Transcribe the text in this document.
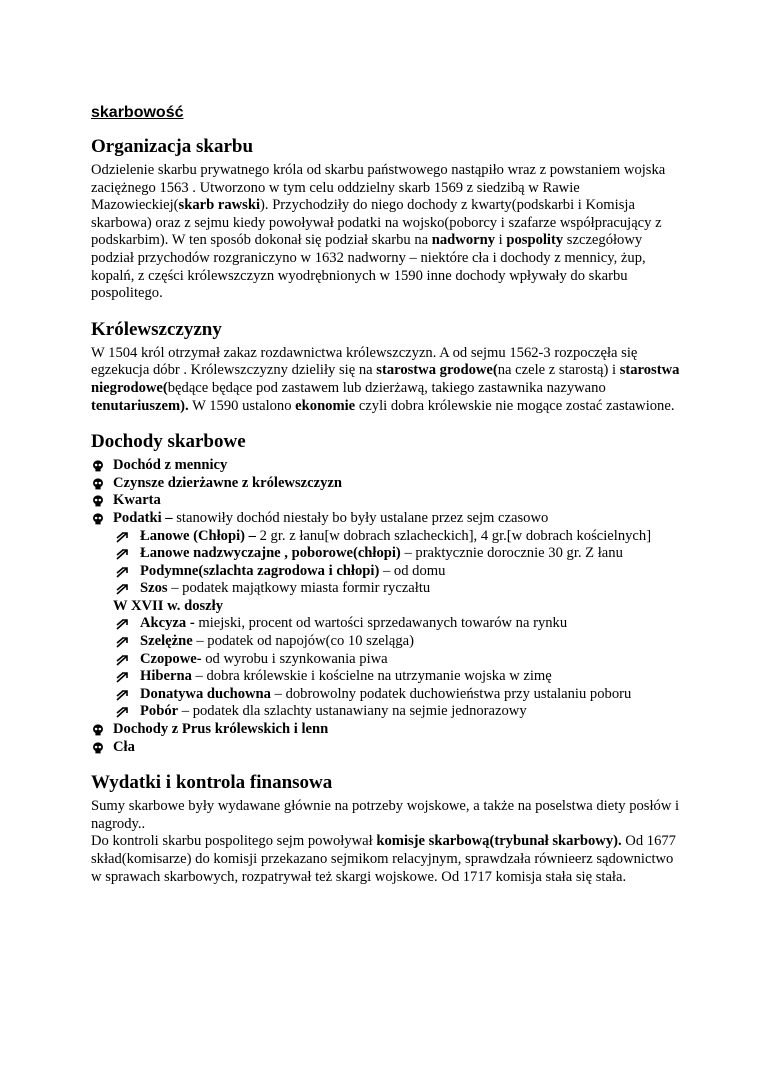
skarbowość
Organizacja skarbu

Odzielenie skarbu prywatnego króla od skarbu państwowego nastąpiło wraz z powstaniem wojska zaciężnego 1563 . Utworzono w tym celu oddzielny skarb 1569 z siedzibą w Rawie Mazowieckiej(skarb rawski). Przychodziły do niego dochody z kwarty(podskarbi i Komisja skarbowa) oraz z sejmu kiedy powoływał podatki na wojsko(poborcy i szafarze współpracujący z podskarbim). W ten sposób dokonał się podział skarbu na nadworny i pospolity szczegółowy podział przychodów rozgraniczyno w 1632 nadworny – niektóre cła i dochody z mennicy, żup, kopalń, z części królewszczyzn wyodrębnionych w 1590 inne dochody wpływały do skarbu pospolitego.

Królewszczyzny

W 1504 król otrzymał zakaz rozdawnictwa królewszczyzn. A od sejmu 1562-3 rozpoczęła się egzekucja dóbr . Królewszczyzny dzieliły się na starostwa grodowe(na czele z starostą) i starostwa niegrodowe(będące będące pod zastawem lub dzierżawą, takiego zastawnika nazywano tenutariuszem). W 1590 ustalono ekonomie czyli dobra królewskie nie mogące zostać zastawione.

Dochody skarbowe
Dochód z mennicy
Czynsze dzierżawne z królewszczyzn
Kwarta
Podatki – stanowiły dochód niestały bo były ustalane przez sejm czasowo
Łanowe (Chłopi) – 2 gr. z łanu[w dobrach szlacheckich], 4 gr.[w dobrach kościelnych]
Łanowe nadzwyczajne , poborowe(chłopi) – praktycznie dorocznie 30 gr. Z łanu
Podymne(szlachta zagrodowa i chłopi) – od domu
Szos – podatek majątkowy miasta formir ryczałtu
W XVII w. doszły
Akcyza - miejski, procent od wartości sprzedawanych towarów na rynku
Szelężne – podatek od napojów(co 10 szeląga)
Czopowe- od wyrobu i szynkowania piwa
Hiberna – dobra królewskie i kościelne na utrzymanie wojska w zimę
Donatywa duchowna – dobrowolny podatek duchowieństwa przy ustalaniu poboru
Pobór – podatek dla szlachty ustanawiany na sejmie jednorazowy
Dochody z Prus królewskich i lenn
Cła
Wydatki i kontrola finansowa

Sumy skarbowe były wydawane głównie na potrzeby wojskowe, a także na poselstwa diety posłów i nagrody..

Do kontroli skarbu pospolitego sejm powoływał komisje skarbową(trybunał skarbowy). Od 1677 skład(komisarze) do komisji przekazano sejmikom relacyjnym, sprawdzała równieerz sądownictwo w sprawach skarbowych, rozpatrywał też skargi wojskowe. Od 1717 komisja stała się stała.
